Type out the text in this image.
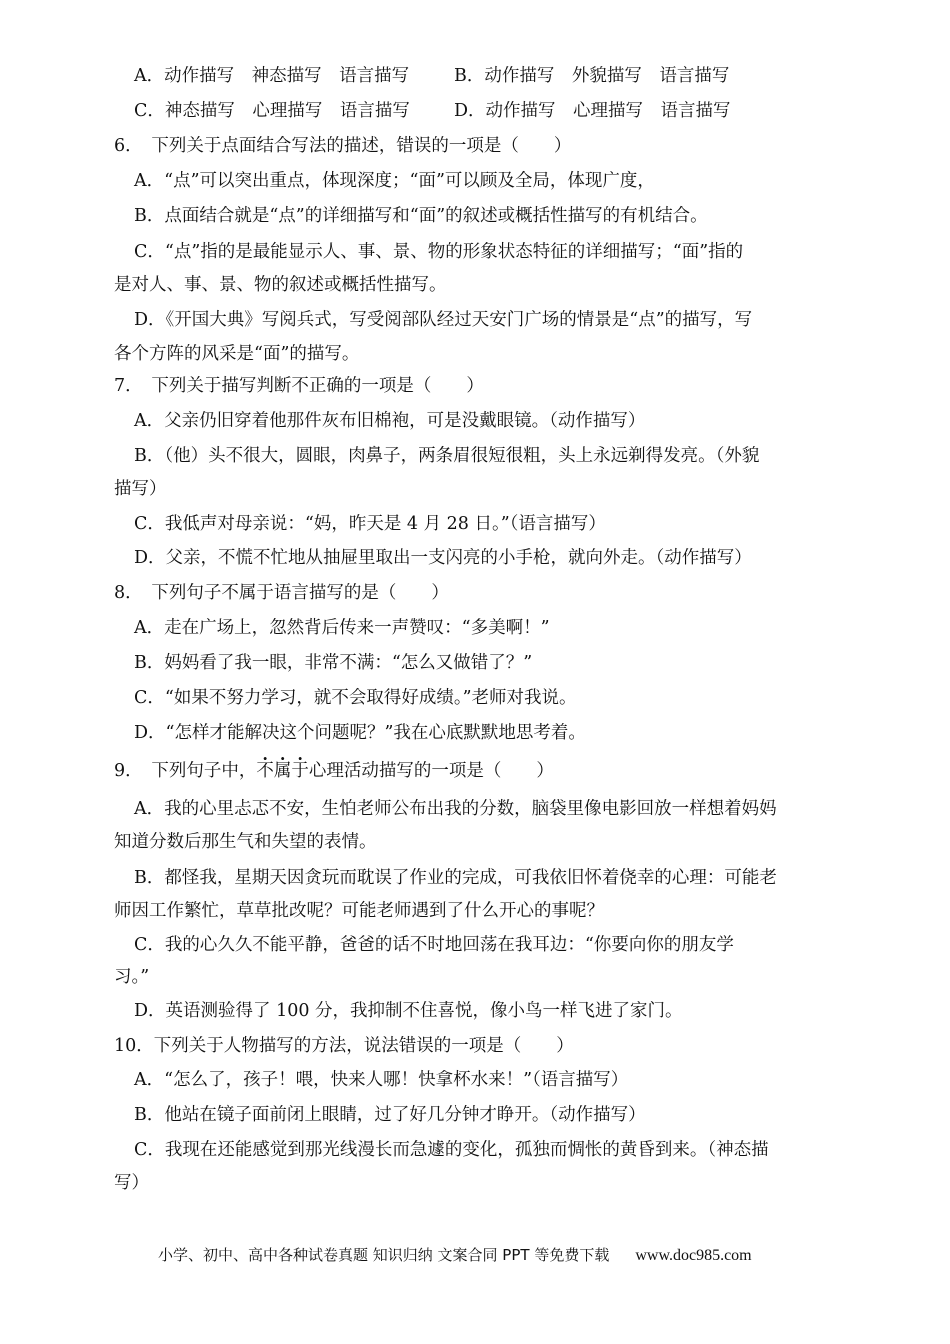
A．动作描写　神态描写　语言描写	B．动作描写　外貌描写　语言描写
C．神态描写　心理描写　语言描写	D．动作描写　心理描写　语言描写
6．　下列关于点面结合写法的描述，错误的一项是（　　）
A．“点”可以突出重点，体现深度；“面”可以顾及全局，体现广度，
B．点面结合就是“点”的详细描写和“面”的叙述或概括性描写的有机结合。
C．“点”指的是最能显示人、事、景、物的形象状态特征的详细描写；“面”指的
是对人、事、景、物的叙述或概括性描写。
D．《开国大典》写阅兵式，写受阅部队经过天安门广场的情景是“点”的描写，写
各个方阵的风采是“面”的描写。
7．　下列关于描写判断不正确的一项是（　　）
A．父亲仍旧穿着他那件灰布旧棉袍，可是没戴眼镜。（动作描写）
B．（他）头不很大，圆眼，肉鼻子，两条眉很短很粗，头上永远剃得发亮。（外貌
描写）
C．我低声对母亲说：“妈，昨天是 4 月 28 日。”（语言描写）
D．父亲，不慌不忙地从抽屉里取出一支闪亮的小手枪，就向外走。（动作描写）
8．　下列句子不属于语言描写的是（　　）
A．走在广场上，忽然背后传来一声赞叹：“多美啊！”
B．妈妈看了我一眼，非常不满：“怎么又做错了？”
C．“如果不努力学习，就不会取得好成绩。”老师对我说。
D．“怎样才能解决这个问题呢？”我在心底默默地思考着。
9．　下列句子中，不属于心理活动描写的一项是（　　）
A．我的心里忐忑不安，生怕老师公布出我的分数，脑袋里像电影回放一样想着妈妈
知道分数后那生气和失望的表情。
B．都怪我，星期天因贪玩而耽误了作业的完成，可我依旧怀着侥幸的心理：可能老
师因工作繁忙，草草批改呢？可能老师遇到了什么开心的事呢？
C．我的心久久不能平静，爸爸的话不时地回荡在我耳边：“你要向你的朋友学
习。”
D．英语测验得了 100 分，我抑制不住喜悦，像小鸟一样飞进了家门。
10．下列关于人物描写的方法，说法错误的一项是（　　）
A．“怎么了，孩子！喂，快来人哪！快拿杯水来！”（语言描写）
B．他站在镜子面前闭上眼睛，过了好几分钟才睁开。（动作描写）
C．我现在还能感觉到那光线漫长而急遽的变化，孤独而惆怅的黄昏到来。（神态描
写）
小学、初中、高中各种试卷真题 知识归纳 文案合同 PPT 等免费下载 www.doc985.com
